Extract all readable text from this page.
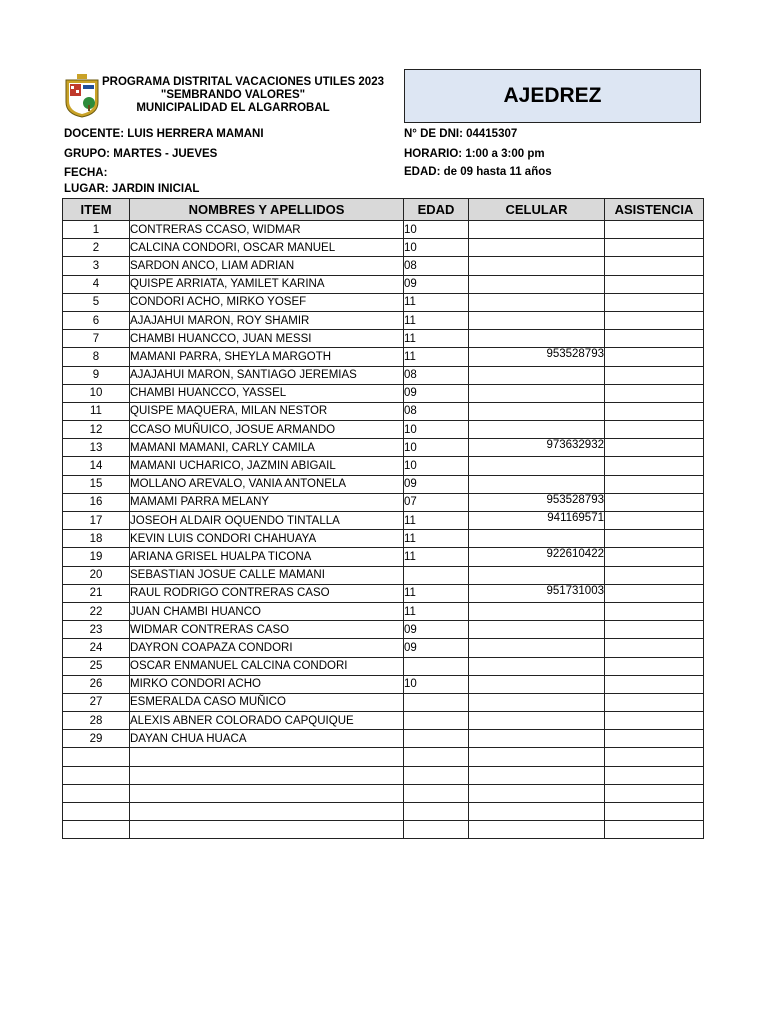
PROGRAMA DISTRITAL VACACIONES UTILES 2023
"SEMBRANDO VALORES"
MUNICIPALIDAD EL ALGARROBAL
AJEDREZ
DOCENTE: LUIS HERRERA MAMANI
GRUPO: MARTES - JUEVES
FECHA:
LUGAR: JARDIN INICIAL
N° DE DNI: 04415307
HORARIO: 1:00 a 3:00 pm
EDAD: de 09 hasta 11 años
ITEM	NOMBRES Y APELLIDOS	EDAD	CELULAR	ASISTENCIA
1	CONTRERAS CCASO, WIDMAR	10		
2	CALCINA CONDORI, OSCAR MANUEL	10		
3	SARDON ANCO, LIAM ADRIAN	08		
4	QUISPE ARRIATA, YAMILET KARINA	09		
5	CONDORI ACHO, MIRKO YOSEF	11		
6	AJAJAHUI MARON, ROY SHAMIR	11		
7	CHAMBI HUANCCO, JUAN MESSI	11		
8	MAMANI PARRA, SHEYLA MARGOTH	11	953528793	
9	AJAJAHUI MARON, SANTIAGO JEREMIAS	08		
10	CHAMBI HUANCCO, YASSEL	09		
11	QUISPE MAQUERA, MILAN NESTOR	08		
12	CCASO MUÑUICO, JOSUE ARMANDO	10		
13	MAMANI MAMANI, CARLY CAMILA	10	973632932	
14	MAMANI UCHARICO, JAZMIN ABIGAIL	10		
15	MOLLANO AREVALO, VANIA ANTONELA	09		
16	MAMAMI PARRA MELANY	07	953528793	
17	JOSEOH ALDAIR OQUENDO TINTALLA	11	941169571	
18	KEVIN LUIS CONDORI CHAHUAYA	11		
19	ARIANA GRISEL HUALPA TICONA	11	922610422	
20	SEBASTIAN JOSUE CALLE MAMANI			
21	RAUL RODRIGO CONTRERAS CASO	11	951731003	
22	JUAN CHAMBI HUANCO	11		
23	WIDMAR CONTRERAS CASO	09		
24	DAYRON COAPAZA CONDORI	09		
25	OSCAR ENMANUEL CALCINA CONDORI			
26	MIRKO CONDORI ACHO	10		
27	ESMERALDA CASO MUÑICO			
28	ALEXIS ABNER COLORADO CAPQUIQUE			
29	DAYAN CHUA HUACA			
